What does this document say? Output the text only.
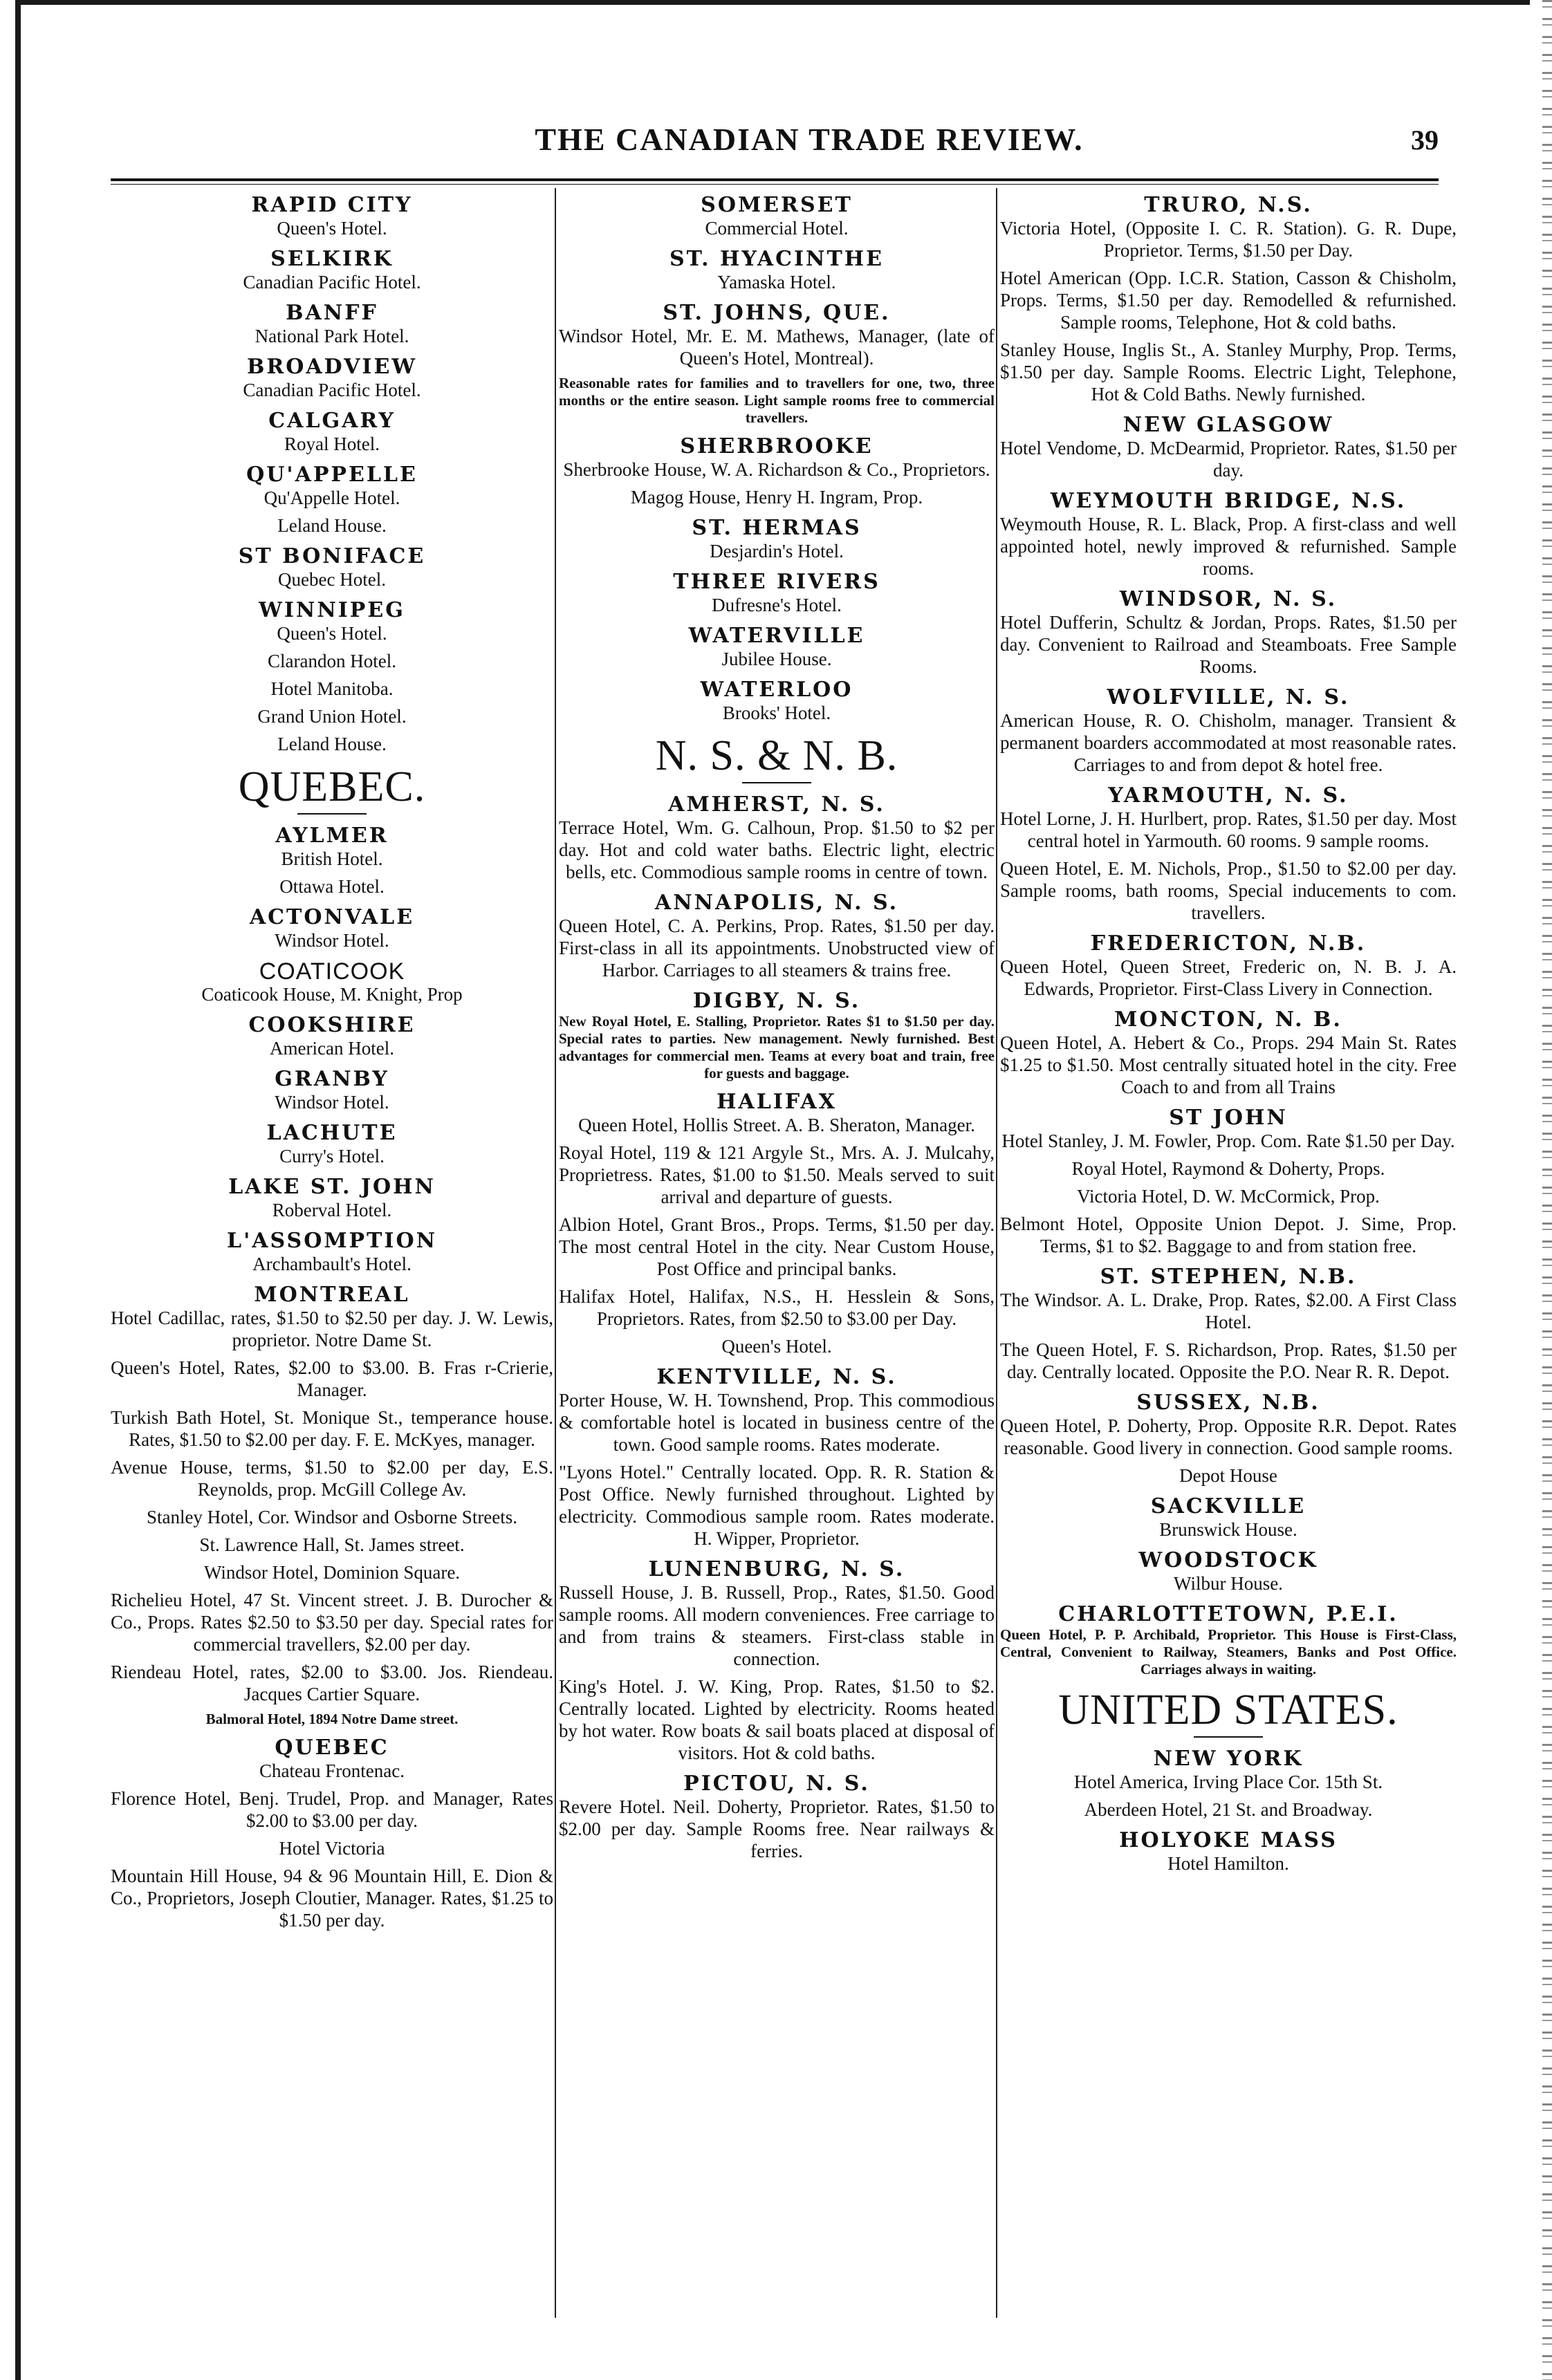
THE CANADIAN TRADE REVIEW.	39
RAPID CITY
Queen's Hotel.
SELKIRK
Canadian Pacific Hotel.
BANFF
National Park Hotel.
BROADVIEW
Canadian Pacific Hotel.
CALGARY
Royal Hotel.
QU'APPELLE
Qu'Appelle Hotel.
Leland House.
ST BONIFACE
Quebec Hotel.
WINNIPEG
Queen's Hotel.
Clarandon Hotel.
Hotel Manitoba.
Grand Union Hotel.
Leland House.
QUEBEC.
AYLMER
British Hotel.
Ottawa Hotel.
ACTONVALE
Windsor Hotel.
COATICOOK
Coaticook House, M. Knight, Prop
COOKSHIRE
American Hotel.
GRANBY
Windsor Hotel.
LACHUTE
Curry's Hotel.
LAKE ST. JOHN
Roberval Hotel.
L'ASSOMPTION
Archambault's Hotel.
MONTREAL
Hotel Cadillac, rates, $1.50 to $2.50 per day. J. W. Lewis, proprietor. Notre Dame St.
Queen's Hotel, Rates, $2.00 to $3.00. B. Fras r-Crierie, Manager.
Turkish Bath Hotel, St. Monique St., temperance house. Rates, $1.50 to $2.00 per day. F. E. McKyes, manager.
Avenue House, terms, $1.50 to $2.00 per day, E.S. Reynolds, prop. McGill College Av.
Stanley Hotel, Cor. Windsor and Osborne Streets.
St. Lawrence Hall, St. James street.
Windsor Hotel, Dominion Square.
Richelieu Hotel, 47 St. Vincent street. J. B. Durocher & Co., Props. Rates $2.50 to $3.50 per day. Special rates for commercial travellers, $2.00 per day.
Riendeau Hotel, rates, $2.00 to $3.00. Jos. Riendeau. Jacques Cartier Square.
Balmoral Hotel, 1894 Notre Dame street.
QUEBEC
Chateau Frontenac.
Florence Hotel, Benj. Trudel, Prop. and Manager, Rates $2.00 to $3.00 per day.
Hotel Victoria
Mountain Hill House, 94 & 96 Mountain Hill, E. Dion & Co., Proprietors, Joseph Cloutier, Manager. Rates, $1.25 to $1.50 per day.
SOMERSET
Commercial Hotel.
ST. HYACINTHE
Yamaska Hotel.
ST. JOHNS, QUE.
Windsor Hotel, Mr. E. M. Mathews, Manager, (late of Queen's Hotel, Montreal).
Reasonable rates for families and to travellers for one, two, three months or the entire season. Light sample rooms free to commercial travellers.
SHERBROOKE
Sherbrooke House, W. A. Richardson & Co., Proprietors.
Magog House, Henry H. Ingram, Prop.
ST. HERMAS
Desjardin's Hotel.
THREE RIVERS
Dufresne's Hotel.
WATERVILLE
Jubilee House.
WATERLOO
Brooks' Hotel.
N. S. & N. B.
AMHERST, N. S.
Terrace Hotel, Wm. G. Calhoun, Prop. $1.50 to $2 per day. Hot and cold water baths. Electric light, electric bells, etc. Commodious sample rooms in centre of town.
ANNAPOLIS, N. S.
Queen Hotel, C. A. Perkins, Prop. Rates, $1.50 per day. First-class in all its appointments. Unobstructed view of Harbor. Carriages to all steamers & trains free.
DIGBY, N. S.
New Royal Hotel, E. Stalling, Proprietor. Rates $1 to $1.50 per day. Special rates to parties. New management. Newly furnished. Best advantages for commercial men. Teams at every boat and train, free for guests and baggage.
HALIFAX
Queen Hotel, Hollis Street. A. B. Sheraton, Manager.
Royal Hotel, 119 & 121 Argyle St., Mrs. A. J. Mulcahy, Proprietress. Rates, $1.00 to $1.50. Meals served to suit arrival and departure of guests.
Albion Hotel, Grant Bros., Props. Terms, $1.50 per day. The most central Hotel in the city. Near Custom House, Post Office and principal banks.
Halifax Hotel, Halifax, N.S., H. Hesslein & Sons, Proprietors. Rates, from $2.50 to $3.00 per Day.
Queen's Hotel.
KENTVILLE, N. S.
Porter House, W. H. Townshend, Prop. This commodious & comfortable hotel is located in business centre of the town. Good sample rooms. Rates moderate.
"Lyons Hotel." Centrally located. Opp. R. R. Station & Post Office. Newly furnished throughout. Lighted by electricity. Commodious sample room. Rates moderate. H. Wipper, Proprietor.
LUNENBURG, N. S.
Russell House, J. B. Russell, Prop., Rates, $1.50. Good sample rooms. All modern conveniences. Free carriage to and from trains & steamers. First-class stable in connection.
King's Hotel. J. W. King, Prop. Rates, $1.50 to $2. Centrally located. Lighted by electricity. Rooms heated by hot water. Row boats & sail boats placed at disposal of visitors. Hot & cold baths.
PICTOU, N. S.
Revere Hotel. Neil. Doherty, Proprietor. Rates, $1.50 to $2.00 per day. Sample Rooms free. Near railways & ferries.
TRURO, N.S.
Victoria Hotel, (Opposite I. C. R. Station). G. R. Dupe, Proprietor. Terms, $1.50 per Day.
Hotel American (Opp. I.C.R. Station, Casson & Chisholm, Props. Terms, $1.50 per day. Remodelled & refurnished. Sample rooms, Telephone, Hot & cold baths.
Stanley House, Inglis St., A. Stanley Murphy, Prop. Terms, $1.50 per day. Sample Rooms. Electric Light, Telephone, Hot & Cold Baths. Newly furnished.
NEW GLASGOW
Hotel Vendome, D. McDearmid, Proprietor. Rates, $1.50 per day.
WEYMOUTH BRIDGE, N.S.
Weymouth House, R. L. Black, Prop. A first-class and well appointed hotel, newly improved & refurnished. Sample rooms.
WINDSOR, N. S.
Hotel Dufferin, Schultz & Jordan, Props. Rates, $1.50 per day. Convenient to Railroad and Steamboats. Free Sample Rooms.
WOLFVILLE, N. S.
American House, R. O. Chisholm, manager. Transient & permanent boarders accommodated at most reasonable rates. Carriages to and from depot & hotel free.
YARMOUTH, N. S.
Hotel Lorne, J. H. Hurlbert, prop. Rates, $1.50 per day. Most central hotel in Yarmouth. 60 rooms. 9 sample rooms.
Queen Hotel, E. M. Nichols, Prop., $1.50 to $2.00 per day. Sample rooms, bath rooms, Special inducements to com. travellers.
FREDERICTON, N.B.
Queen Hotel, Queen Street, Frederic on, N. B. J. A. Edwards, Proprietor. First-Class Livery in Connection.
MONCTON, N. B.
Queen Hotel, A. Hebert & Co., Props. 294 Main St. Rates $1.25 to $1.50. Most centrally situated hotel in the city. Free Coach to and from all Trains
ST JOHN
Hotel Stanley, J. M. Fowler, Prop. Com. Rate $1.50 per Day.
Royal Hotel, Raymond & Doherty, Props.
Victoria Hotel, D. W. McCormick, Prop.
Belmont Hotel, Opposite Union Depot. J. Sime, Prop. Terms, $1 to $2. Baggage to and from station free.
ST. STEPHEN, N.B.
The Windsor. A. L. Drake, Prop. Rates, $2.00. A First Class Hotel.
The Queen Hotel, F. S. Richardson, Prop. Rates, $1.50 per day. Centrally located. Opposite the P.O. Near R. R. Depot.
SUSSEX, N.B.
Queen Hotel, P. Doherty, Prop. Opposite R.R. Depot. Rates reasonable. Good livery in connection. Good sample rooms.
Depot House
SACKVILLE
Brunswick House.
WOODSTOCK
Wilbur House.
CHARLOTTETOWN, P.E.I.
Queen Hotel, P. P. Archibald, Proprietor. This House is First-Class, Central, Convenient to Railway, Steamers, Banks and Post Office. Carriages always in waiting.
UNITED STATES.
NEW YORK
Hotel America, Irving Place Cor. 15th St.
Aberdeen Hotel, 21 St. and Broadway.
HOLYOKE MASS
Hotel Hamilton.
